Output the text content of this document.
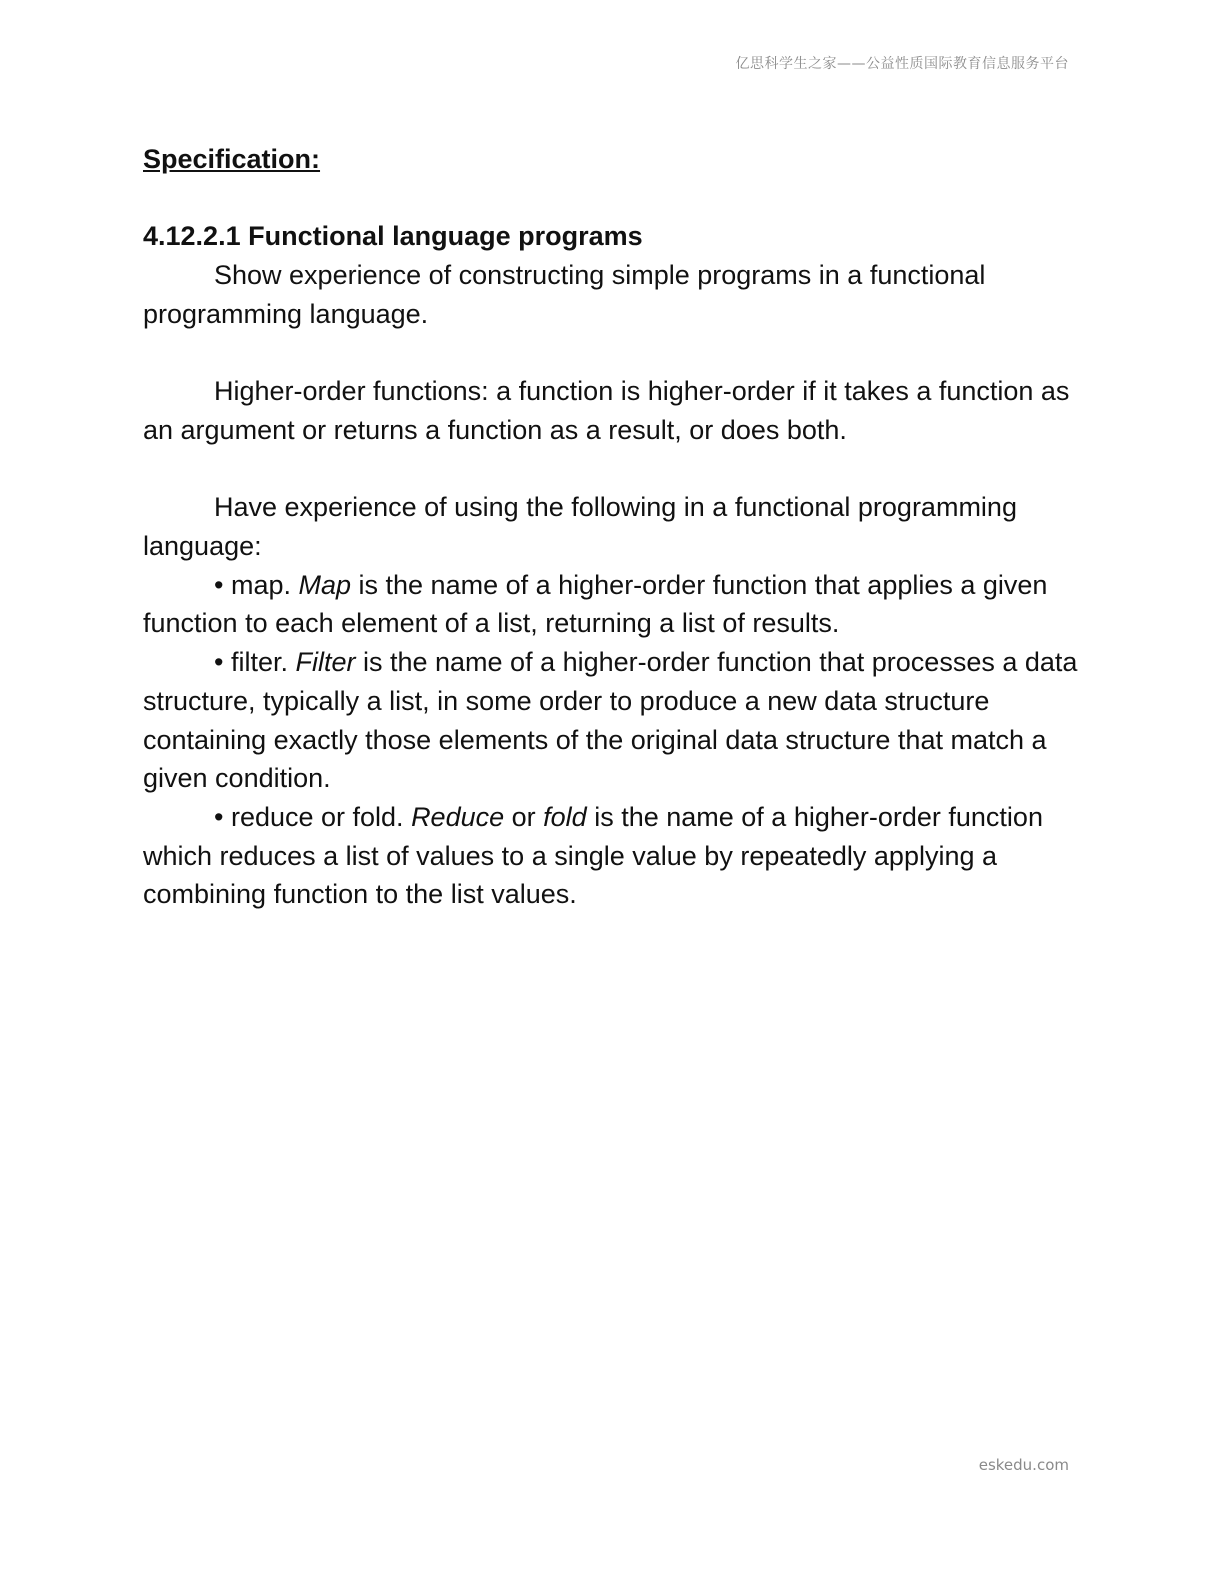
亿思科学生之家——公益性质国际教育信息服务平台
Specification:
4.12.2.1 Functional language programs

Show experience of constructing simple programs in a functional programming language.

Higher-order functions: a function is higher-order if it takes a function as an argument or returns a function as a result, or does both.

Have experience of using the following in a functional programming language:

• map. Map is the name of a higher-order function that applies a given function to each element of a list, returning a list of results.

• filter. Filter is the name of a higher-order function that processes a data structure, typically a list, in some order to produce a new data structure containing exactly those elements of the original data structure that match a given condition.

• reduce or fold. Reduce or fold is the name of a higher-order function which reduces a list of values to a single value by repeatedly applying a combining function to the list values.

eskedu.com
